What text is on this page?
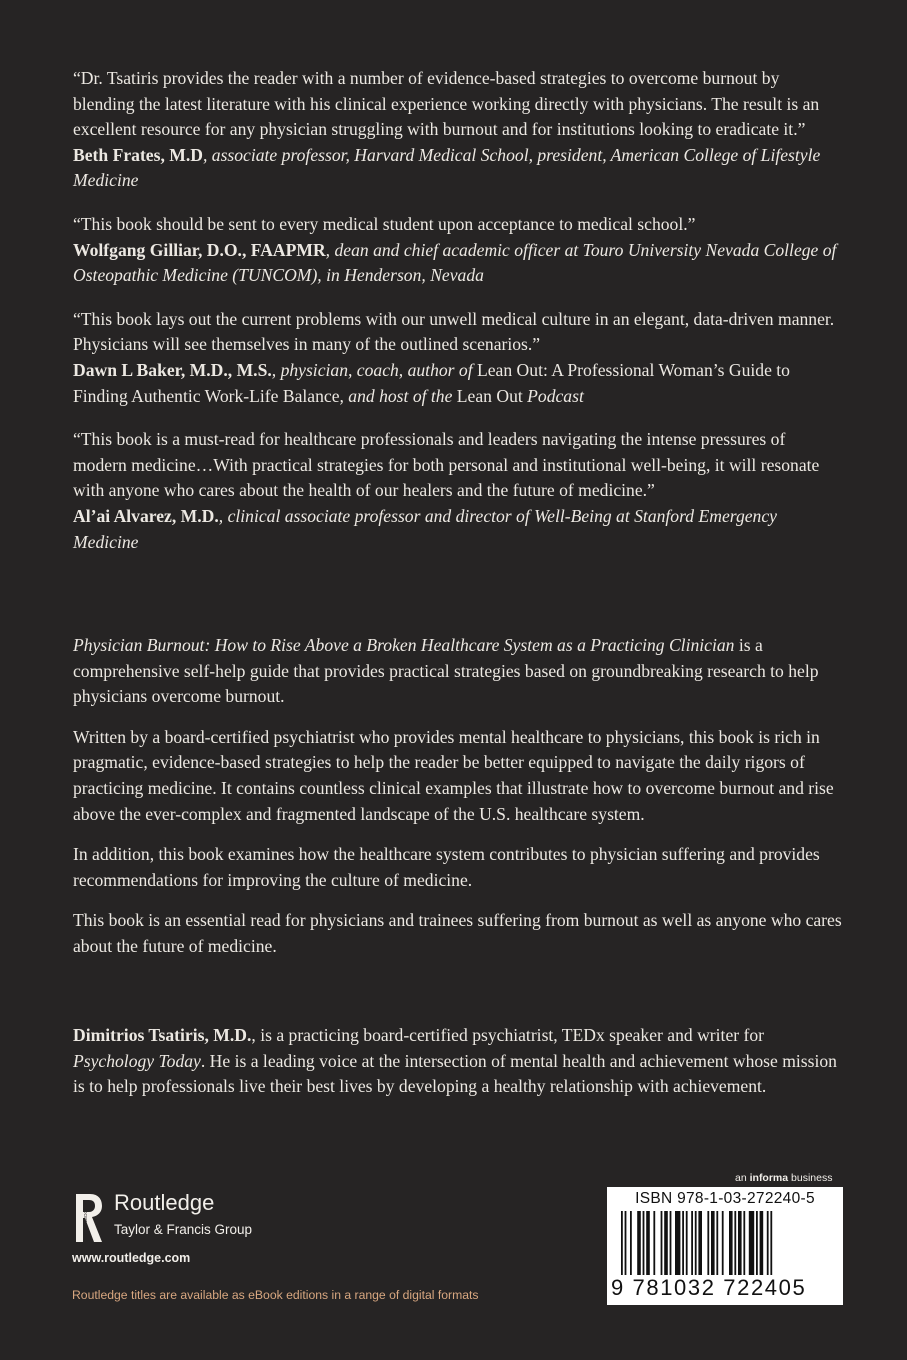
“Dr. Tsatiris provides the reader with a number of evidence-based strategies to overcome burnout by blending the latest literature with his clinical experience working directly with physicians. The result is an excellent resource for any physician struggling with burnout and for institutions looking to eradicate it.”
Beth Frates, M.D, associate professor, Harvard Medical School, president, American College of Lifestyle Medicine

“This book should be sent to every medical student upon acceptance to medical school.”
Wolfgang Gilliar, D.O., FAAPMR, dean and chief academic officer at Touro University Nevada College of Osteopathic Medicine (TUNCOM), in Henderson, Nevada

“This book lays out the current problems with our unwell medical culture in an elegant, data-driven manner. Physicians will see themselves in many of the outlined scenarios.”
Dawn L Baker, M.D., M.S., physician, coach, author of Lean Out: A Professional Woman’s Guide to Finding Authentic Work-Life Balance, and host of the Lean Out Podcast

“This book is a must-read for healthcare professionals and leaders navigating the intense pressures of modern medicine…With practical strategies for both personal and institutional well-being, it will resonate with anyone who cares about the health of our healers and the future of medicine.”
Al’ai Alvarez, M.D., clinical associate professor and director of Well-Being at Stanford Emergency Medicine

Physician Burnout: How to Rise Above a Broken Healthcare System as a Practicing Clinician is a comprehensive self-help guide that provides practical strategies based on groundbreaking research to help physicians overcome burnout.

Written by a board-certified psychiatrist who provides mental healthcare to physicians, this book is rich in pragmatic, evidence-based strategies to help the reader be better equipped to navigate the daily rigors of practicing medicine. It contains countless clinical examples that illustrate how to overcome burnout and rise above the ever-complex and fragmented landscape of the U.S. healthcare system.

In addition, this book examines how the healthcare system contributes to physician suffering and provides recommendations for improving the culture of medicine.

This book is an essential read for physicians and trainees suffering from burnout as well as anyone who cares about the future of medicine.

Dimitrios Tsatiris, M.D., is a practicing board-certified psychiatrist, TEDx speaker and writer for Psychology Today. He is a leading voice at the intersection of mental health and achievement whose mission is to help professionals live their best lives by developing a healthy relationship with achievement.

ROUTLEDGE
Routledge
Taylor & Francis Group
www.routledge.com
Routledge titles are available as eBook editions in a range of digital formats
an informa business
ISBN 978-1-03-272240-5
9 781032 722405
